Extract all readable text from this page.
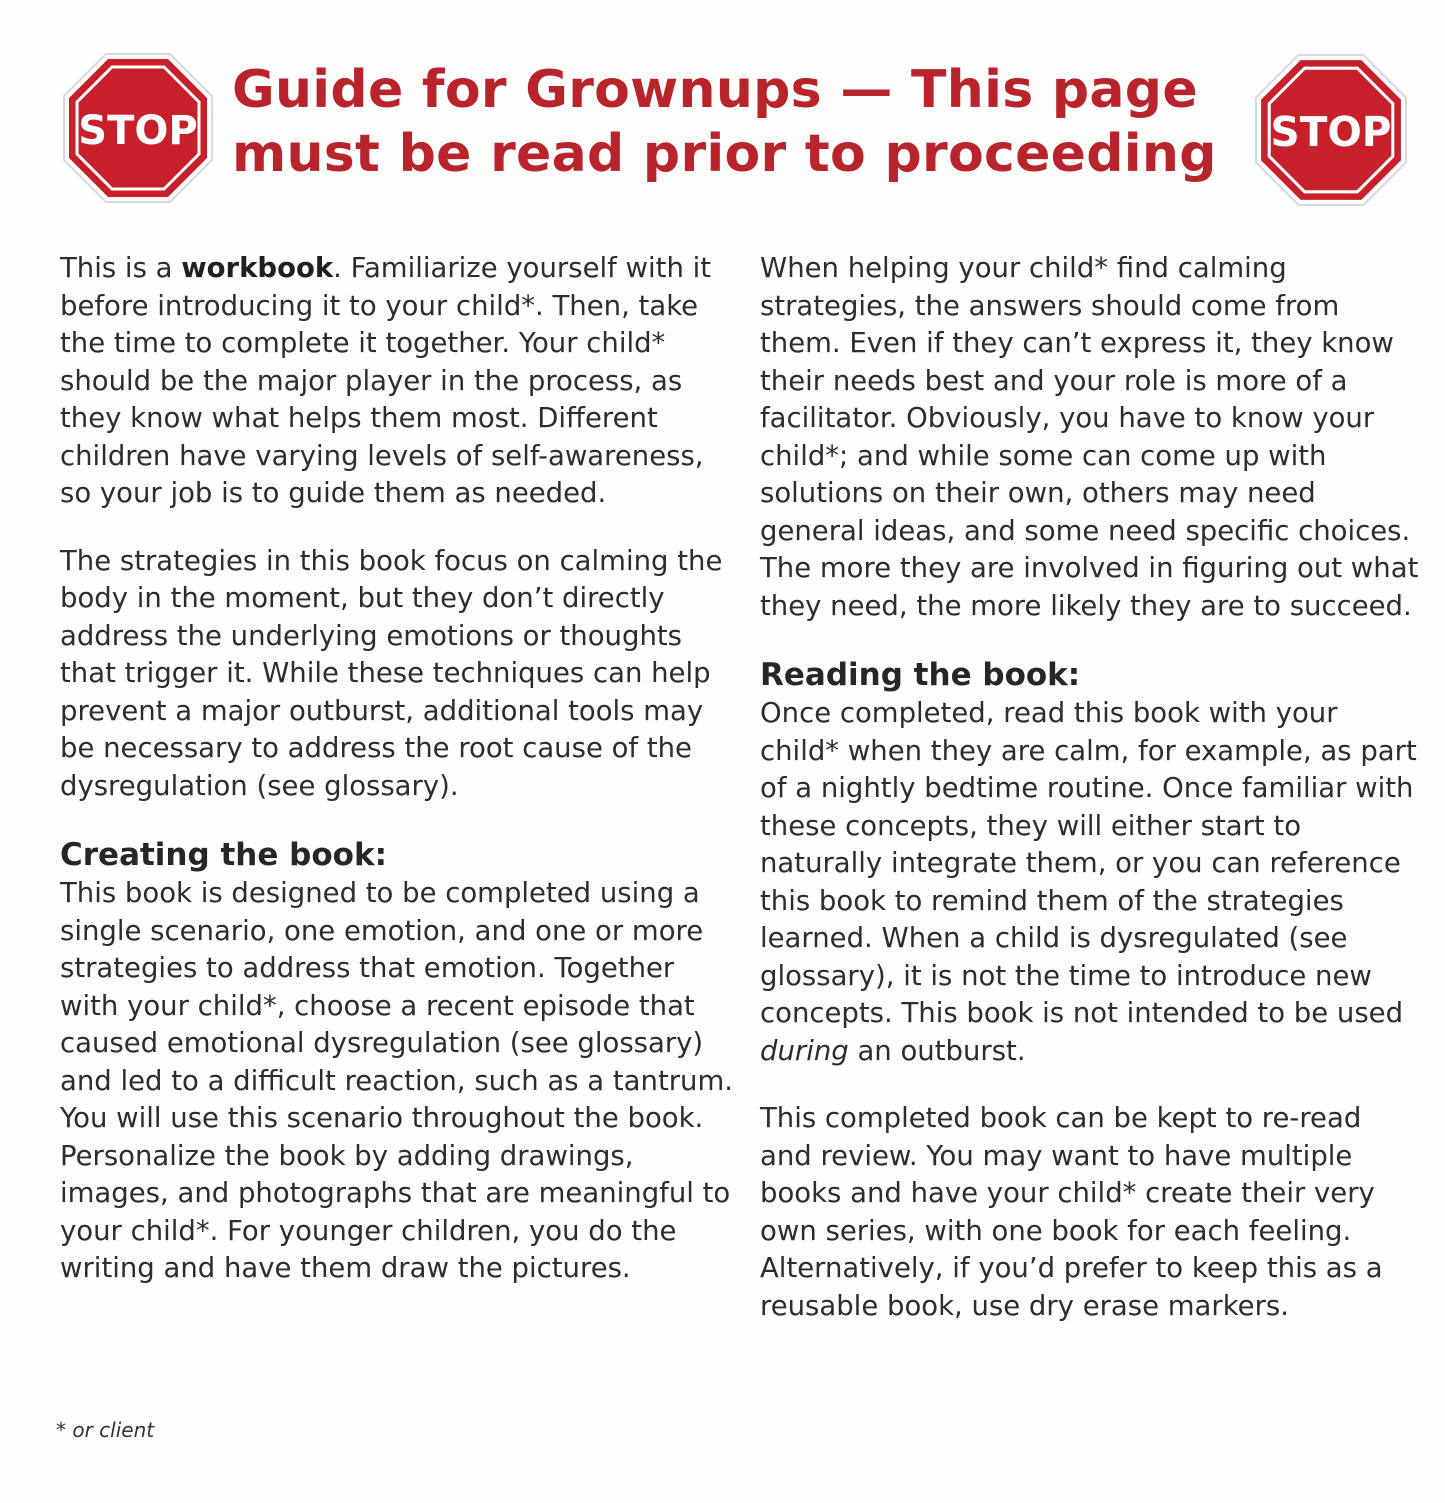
STOP
Guide for Grownups — This page
must be read prior to proceeding	STOP

This is a workbook. Familiarize yourself with it before introducing it to your child*. Then, take the time to complete it together. Your child* should be the major player in the process, as they know what helps them most. Different children have varying levels of self-awareness, so your job is to guide them as needed.

The strategies in this book focus on calming the body in the moment, but they don’t directly address the underlying emotions or thoughts that trigger it. While these techniques can help prevent a major outburst, additional tools may be necessary to address the root cause of the dysregulation (see glossary).

Creating the book:

This book is designed to be completed using a single scenario, one emotion, and one or more strategies to address that emotion. Together with your child*, choose a recent episode that caused emotional dysregulation (see glossary) and led to a difficult reaction, such as a tantrum. You will use this scenario throughout the book. Personalize the book by adding drawings, images, and photographs that are meaningful to your child*. For younger children, you do the writing and have them draw the pictures.

When helping your child* find calming strategies, the answers should come from them. Even if they can’t express it, they know their needs best and your role is more of a facilitator. Obviously, you have to know your child*; and while some can come up with solutions on their own, others may need general ideas, and some need specific choices. The more they are involved in figuring out what they need, the more likely they are to succeed.

Reading the book:

Once completed, read this book with your child* when they are calm, for example, as part of a nightly bedtime routine. Once familiar with these concepts, they will either start to naturally integrate them, or you can reference this book to remind them of the strategies learned. When a child is dysregulated (see glossary), it is not the time to introduce new concepts. This book is not intended to be used during an outburst.

This completed book can be kept to re-read and review. You may want to have multiple books and have your child* create their very own series, with one book for each feeling. Alternatively, if you’d prefer to keep this as a reusable book, use dry erase markers.

* or client
